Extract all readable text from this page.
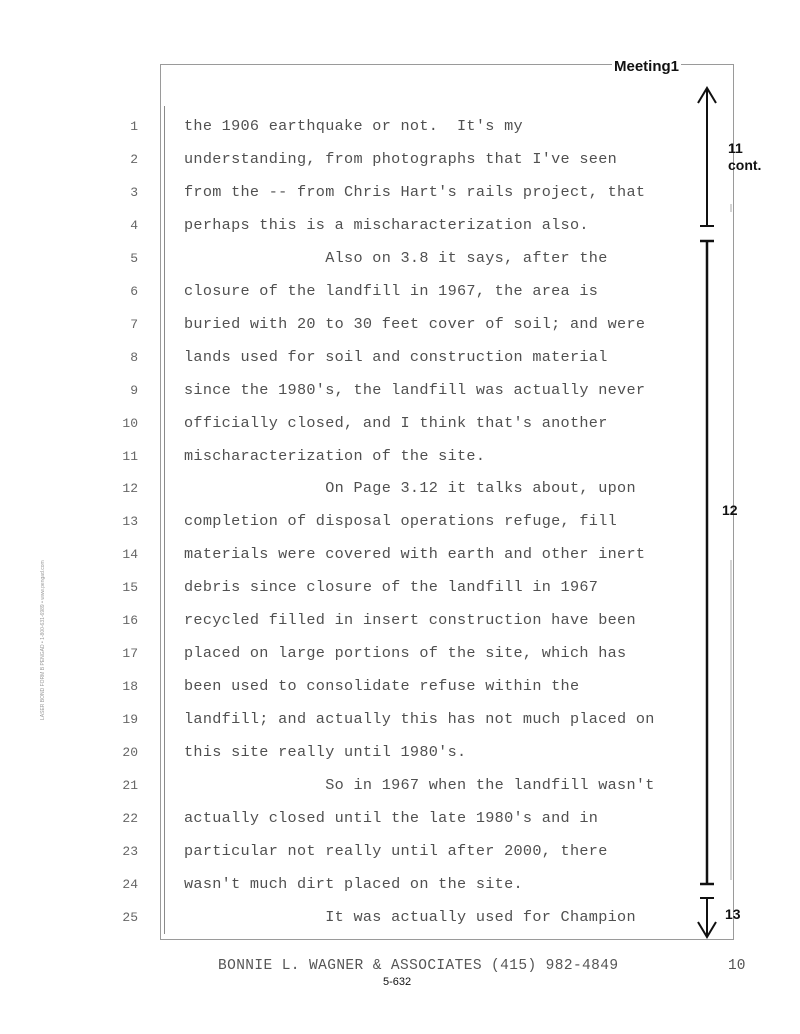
Meeting1
1	the 1906 earthquake or not.  It's my
2	understanding, from photographs that I've seen
3	from the -- from Chris Hart's rails project, that
4	perhaps this is a mischaracterization also.
5	Also on 3.8 it says, after the
6	closure of the landfill in 1967, the area is
7	buried with 20 to 30 feet cover of soil; and were
8	lands used for soil and construction material
9	since the 1980's, the landfill was actually never
10	officially closed, and I think that's another
11	mischaracterization of the site.
12	On Page 3.12 it talks about, upon
13	completion of disposal operations refuge, fill
14	materials were covered with earth and other inert
15	debris since closure of the landfill in 1967
16	recycled filled in insert construction have been
17	placed on large portions of the site, which has
18	been used to consolidate refuse within the
19	landfill; and actually this has not much placed on
20	this site really until 1980's.
21	So in 1967 when the landfill wasn't
22	actually closed until the late 1980's and in
23	particular not really until after 2000, there
24	wasn't much dirt placed on the site.
25	It was actually used for Champion
11
cont.
12
13
BONNIE L. WAGNER & ASSOCIATES (415) 982-4849	10
5-632
LASER BOND FORM B PENGAD • 1-800-631-6989 • www.pengad.com
